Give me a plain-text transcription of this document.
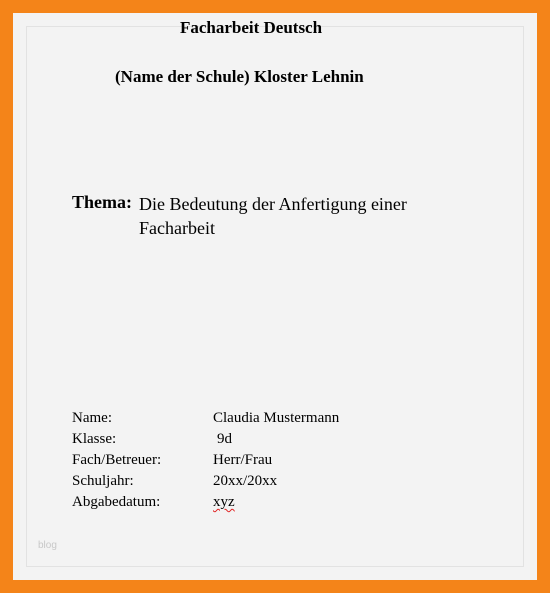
Facharbeit Deutsch
(Name der Schule) Kloster Lehnin
Thema: Die Bedeutung der Anfertigung einer
Facharbeit
Name:	Claudia Mustermann
Klasse:	9d
Fach/Betreuer:	Herr/Frau
Schuljahr:	20xx/20xx
Abgabedatum:	xyz
blog
